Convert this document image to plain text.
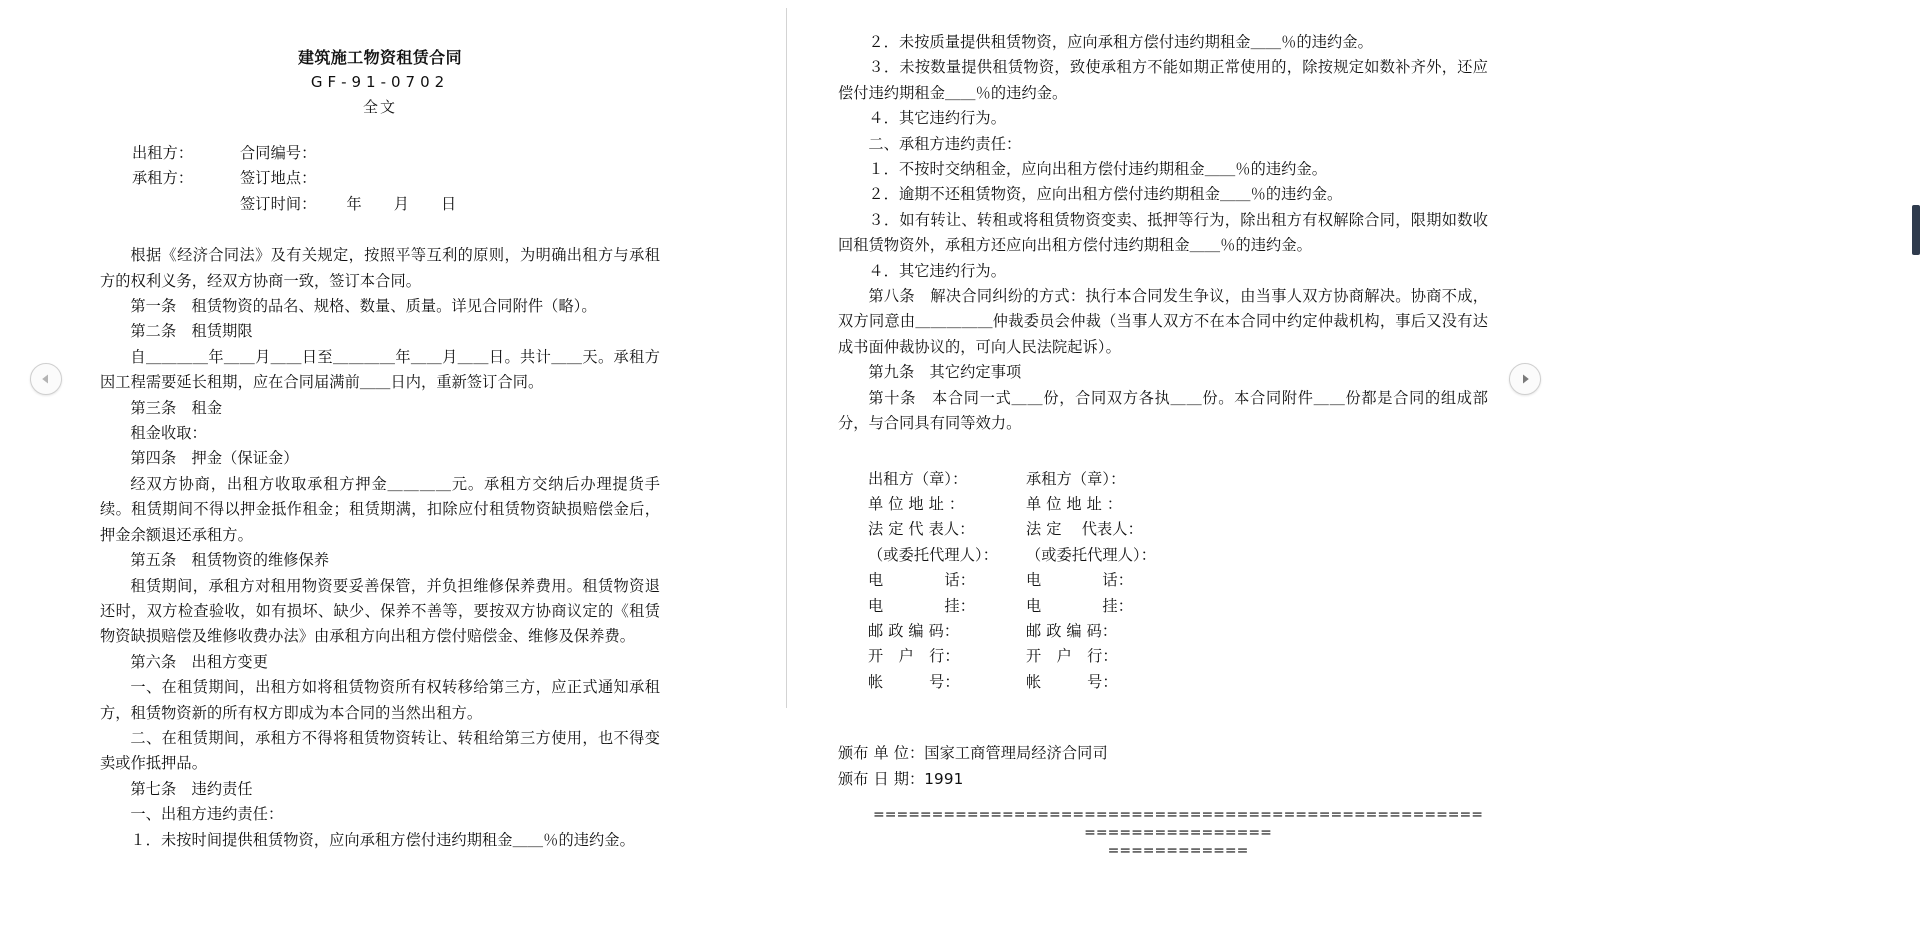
建筑施工物资租赁合同
GF-91-0702
全文
出租方：	合同编号：
承租方：	签订地点：
签订时间： 年 月 日

根据《经济合同法》及有关规定，按照平等互利的原则，为明确出租方与承租方的权利义务，经双方协商一致，签订本合同。

第一条　租赁物资的品名、规格、数量、质量。详见合同附件（略）。

第二条　租赁期限

自＿＿＿＿年＿＿月＿＿日至＿＿＿＿年＿＿月＿＿日。共计＿＿天。承租方因工程需要延长租期，应在合同届满前＿＿日内，重新签订合同。

第三条　租金

租金收取：

第四条　押金（保证金）

经双方协商，出租方收取承租方押金＿＿＿＿元。承租方交纳后办理提货手续。租赁期间不得以押金抵作租金；租赁期满，扣除应付租赁物资缺损赔偿金后，押金余额退还承租方。

第五条　租赁物资的维修保养

租赁期间，承租方对租用物资要妥善保管，并负担维修保养费用。租赁物资退还时，双方检查验收，如有损坏、缺少、保养不善等，要按双方协商议定的《租赁物资缺损赔偿及维修收费办法》由承租方向出租方偿付赔偿金、维修及保养费。

第六条　出租方变更

一、在租赁期间，出租方如将租赁物资所有权转移给第三方，应正式通知承租方，租赁物资新的所有权方即成为本合同的当然出租方。

二、在租赁期间，承租方不得将租赁物资转让、转租给第三方使用，也不得变卖或作抵押品。

第七条　违约责任

一、出租方违约责任：

１．未按时间提供租赁物资，应向承租方偿付违约期租金＿＿％的违约金。

２．未按质量提供租赁物资，应向承租方偿付违约期租金＿＿％的违约金。

３．未按数量提供租赁物资，致使承租方不能如期正常使用的，除按规定如数补齐外，还应偿付违约期租金＿＿％的违约金。

４．其它违约行为。

二、承租方违约责任：

１．不按时交纳租金，应向出租方偿付违约期租金＿＿％的违约金。

２．逾期不还租赁物资，应向出租方偿付违约期租金＿＿％的违约金。

３．如有转让、转租或将租赁物资变卖、抵押等行为，除出租方有权解除合同，限期如数收回租赁物资外，承租方还应向出租方偿付违约期租金＿＿％的违约金。

４．其它违约行为。

第八条　解决合同纠纷的方式：执行本合同发生争议，由当事人双方协商解决。协商不成，双方同意由＿＿＿＿＿仲裁委员会仲裁（当事人双方不在本合同中约定仲裁机构，事后又没有达成书面仲裁协议的，可向人民法院起诉）。

第九条　其它约定事项

第十条　本合同一式＿＿份，合同双方各执＿＿份。本合同附件＿＿份都是合同的组成部分，与合同具有同等效力。

出租方（章）：	承租方（章）：
单 位 地 址 ：	单 位 地 址 ：
法 定 代 表人：	法 定 　代表人：
（或委托代理人）：	（或委托代理人）：
电　　　　话：	电　　　　话：
电　　　　挂：	电　　　　挂：
邮 政 编 码：	邮 政 编 码：
开　户　行：	开　户　行：
帐　　　号：	帐　　　号：
颁布 单 位：国家工商管理局经济合同司
颁布 日 期：1991
====================================================================
============
